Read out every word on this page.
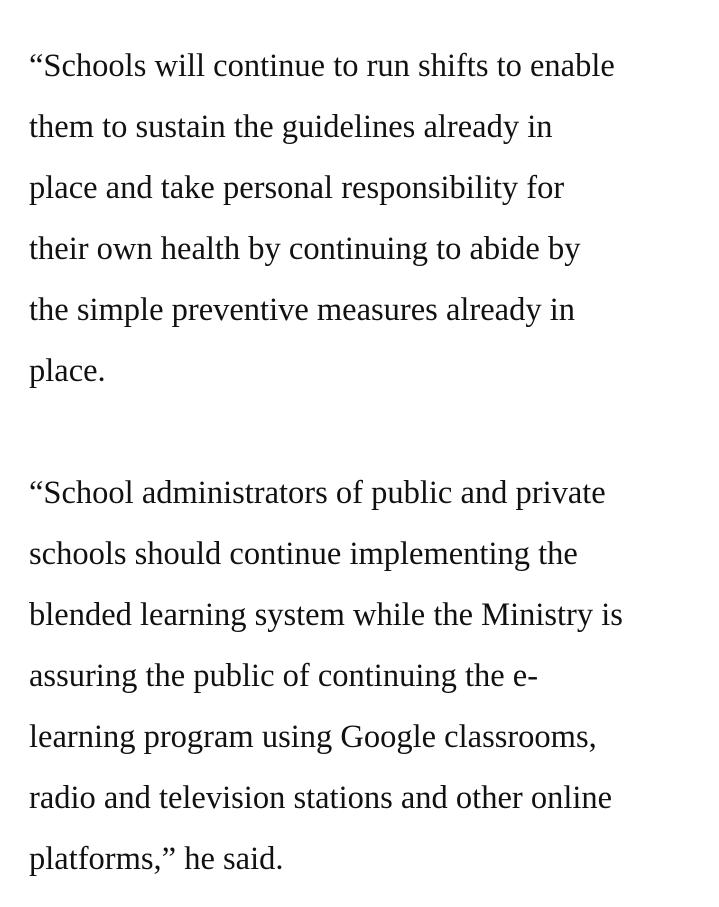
“Schools will continue to run shifts to enable
them to sustain the guidelines already in
place and take personal responsibility for
their own health by continuing to abide by
the simple preventive measures already in
place.
“School administrators of public and private
schools should continue implementing the
blended learning system while the Ministry is
assuring the public of continuing the e-
learning program using Google classrooms,
radio and television stations and other online
platforms,” he said.
